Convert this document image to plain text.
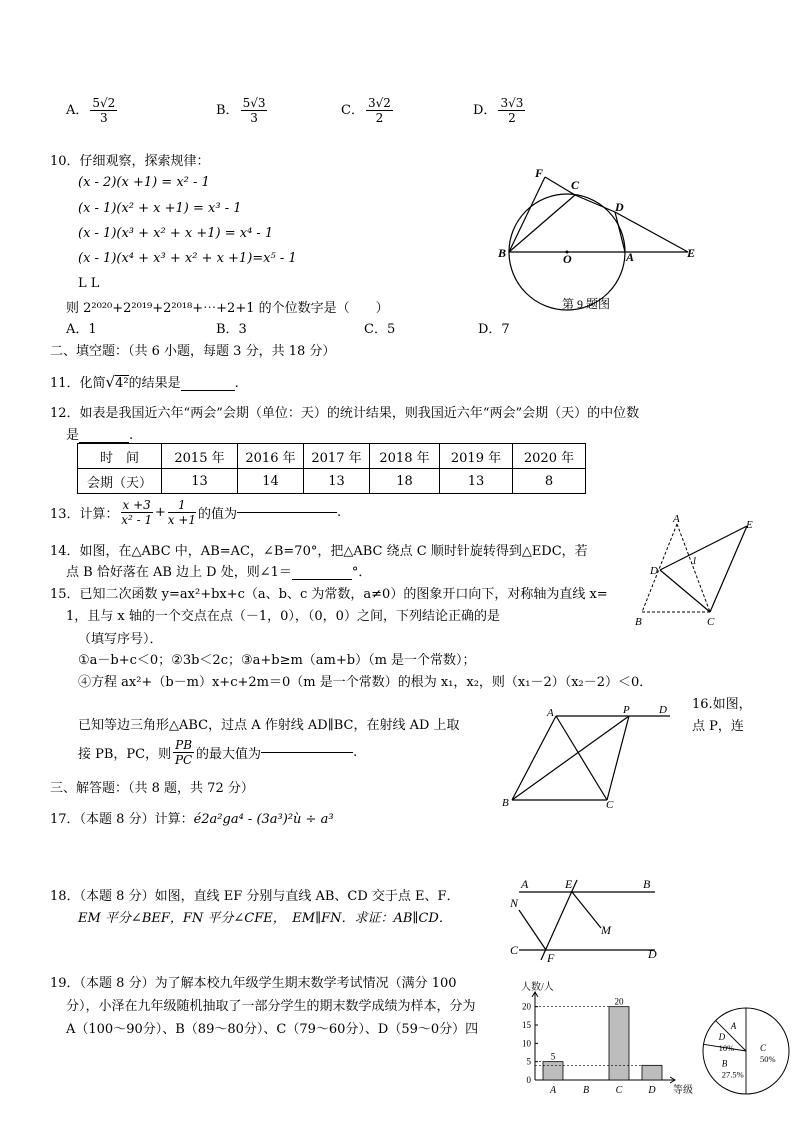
A． $\frac{5√2}{3}$	B． $\frac{5√3}{3}$	C． $\frac{3√2}{2}$	D． $\frac{3√3}{2}$
10．仔细观察，探索规律：
(x - 2)(x +1) = x² - 1
(x - 1)(x² + x +1) = x³ - 1
(x - 1)(x³ + x² + x +1) = x⁴ - 1
(x - 1)(x⁴ + x³ + x² + x +1)=x⁵ - 1
L L
则 2²⁰²⁰+2²⁰¹⁹+2²⁰¹⁸+⋯+2+1 的个位数字是（　　）
A．1	B．3	C．5	D．7
F
C
D
B	O	A	E
第 9 题图
二、填空题：（共 6 小题，每题 3 分，共 18 分）
11．化简√4²的结果是	.
12．如表是我国近六年“两会”会期（单位：天）的统计结果，则我国近六年“两会”会期（天）的中位数
是	.
时　间	2015 年	2016 年	2017 年	2018 年	2019 年	2020 年
会期（天）	13	14	13	18	13	8
13．计算： $\frac{x +3}{\text{x² - 1}} + \frac{1}{x +1}$ 的值为	.
14．如图，在△ABC 中，AB=AC，∠B=70°，把△ABC 绕点 C 顺时针旋转得到△EDC，若
点 B 恰好落在 AB 边上 D 处，则∠1＝	°．
A	E
D
1
B	C
15．已知二次函数 y=ax²+bx+c（a、b、c 为常数，a≠0）的图象开口向下，对称轴为直线 x=
1，且与 x 轴的一个交点在点（－1，0），（0，0）之间，下列结论正确的是
（填写序号）．
①a－b+c＜0；②3b＜2c；③a+b≥m（am+b）（m 是一个常数）；
④方程 ax²+（b－m）x+c+2m＝0（m 是一个常数）的根为 x₁，x₂，则（x₁－2）（x₂－2）＜0．
16.如图，
点 P，连
已知等边三角形△ABC，过点 A 作射线 AD∥BC，在射线 AD 上取
接 PB，PC，则 $\frac{PB}{PC}$ 的最大值为	.
A	P	D
B	C
三、解答题：（共 8 题，共 72 分）
17．（本题 8 分）计算：é2a²ga⁴ - (3a³)²ù ÷ a³
18．（本题 8 分）如图，直线 EF 分别与直线 AB、CD 交于点 E、F．
EM 平分∠BEF，FN 平分∠CFE，　EM∥FN．求证：AB∥CD．
A	E	B
N
M
C
F	D
19．（本题 8 分）为了解本校九年级学生期末数学考试情况（满分 100
分），小泽在九年级随机抽取了一部分学生的期末数学成绩为样本，分为
A（100～90分）、B（89～80分）、C（79～60分）、D（59～0分）四
人数/人
等级
0
5
10
15
20
A
5
B	C
20
D
C
50%
B
27.5%
D
10%
A
